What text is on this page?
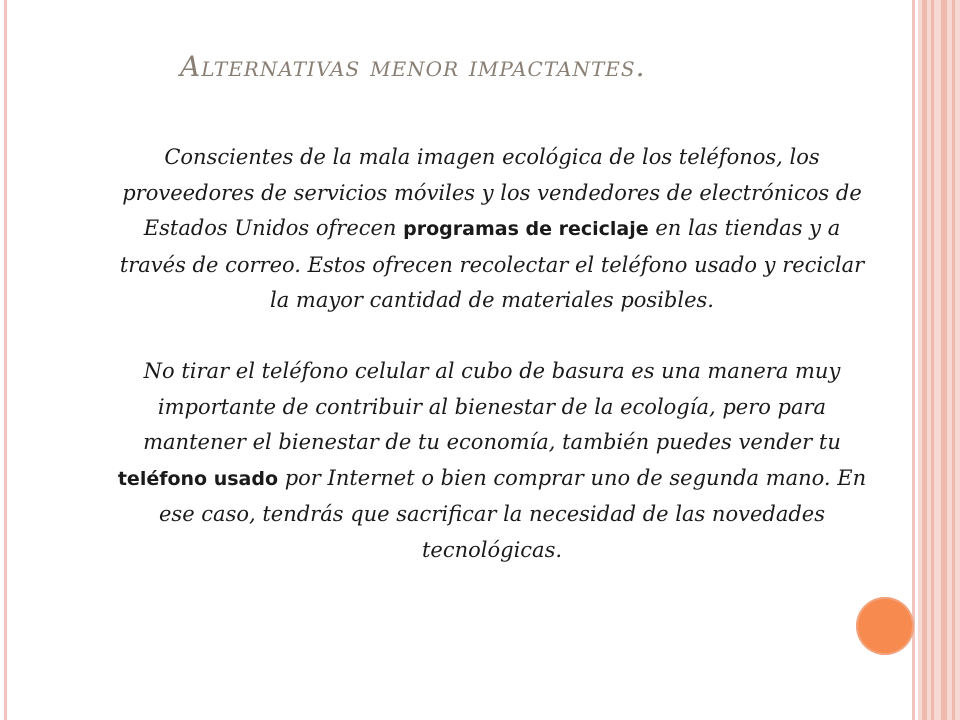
Alternativas menor impactantes.

Conscientes de la mala imagen ecológica de los teléfonos, los proveedores de servicios móviles y los vendedores de electrónicos de Estados Unidos ofrecen programas de reciclaje en las tiendas y a través de correo. Estos ofrecen recolectar el teléfono usado y reciclar la mayor cantidad de materiales posibles.

No tirar el teléfono celular al cubo de basura es una manera muy importante de contribuir al bienestar de la ecología, pero para mantener el bienestar de tu economía, también puedes vender tu teléfono usado por Internet o bien comprar uno de segunda mano. En ese caso, tendrás que sacrificar la necesidad de las novedades tecnológicas.
